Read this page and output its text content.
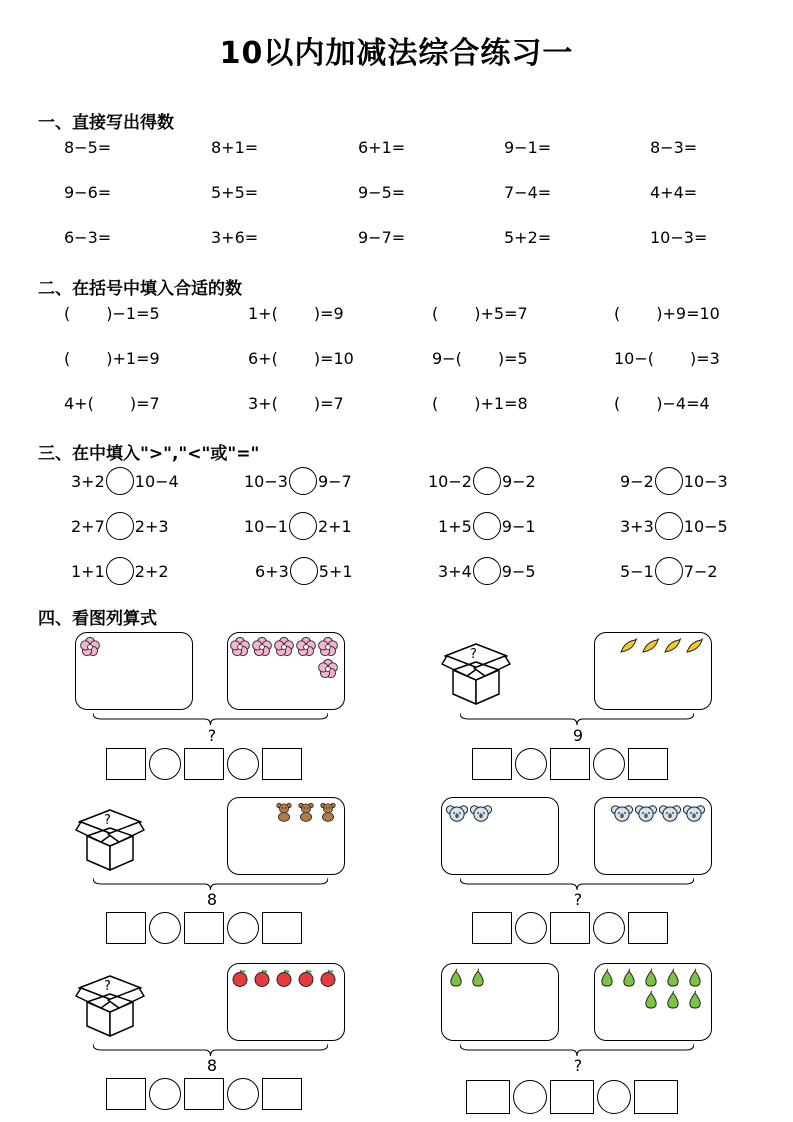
10以内加减法综合练习一
一、直接写出得数
8−5=	8+1=	6+1=	9−1=	8−3=
9−6=	5+5=	9−5=	7−4=	4+4=
6−3=	3+6=	9−7=	5+2=	10−3=
二、在括号中填入合适的数
( )−1=5	1+( )=9	( )+5=7	( )+9=10
( )+1=9	6+( )=10	9−( )=5	10−( )=3
4+( )=7	3+( )=7	( )+1=8	( )−4=4
三、在中填入">","<"或"="
3+2 10−4	10−3 9−7	10−2 9−2	9−2 10−3
2+7 2+3	10−1 2+1	1+5 9−1	3+3 10−5
1+1 2+2	6+3 5+1	3+4 9−5	5−1 7−2
四、看图列算式
?
?
9
?
8	?
?
8	?
